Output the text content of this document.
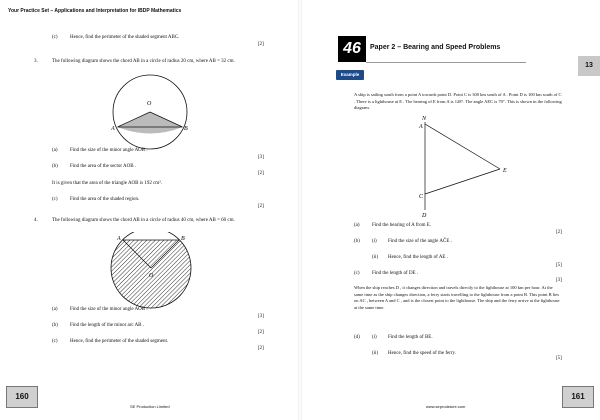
Your Practice Set – Applications and Interpretation for IBDP Mathematics
(c) Hence, find the perimeter of the shaded segment ABC.
[2]
3.	The following diagram shows the chord AB in a circle of radius 20 cm, where AB = 32 cm.
O
A	B
(a) Find the size of the minor angle AOB .
[3]
(b) Find the area of the sector AOB .
[2]
It is given that the area of the triangle AOB is 192 cm².
(c) Find the area of the shaded region.
[2]
4.	The following diagram shows the chord AB in a circle of radius 40 cm, where AB = 60 cm.
O
A	B
(a) Find the size of the minor angle AOB .
[3]
(b) Find the length of the minor arc AB .
[2]
(c) Hence, find the perimeter of the shaded segment.
[2]
160
SE Production Limited
46	Paper 2 – Bearing and Speed Problems
Example
13
A ship is sailing south from a point A towards point D. Point C is 300 km south of A . Point D is 100 km south of C . There is a lighthouse at E . The bearing of E from A is 128°. The angle AEC is 70°. This is shown in the following diagram.
N
A
E
C
D
(a) Find the bearing of A from E.
[2]
(b) (i) Find the size of the angle AĈE .
(ii) Hence, find the length of AE .
[5]
(c) Find the length of DE .
[3]
When the ship reaches D , it changes direction and travels directly to the lighthouse at 100 km per hour. At the same time as the ship changes direction, a ferry starts travelling to the lighthouse from a point B. This point B lies on AC , between A and C , and is the closest point to the lighthouse. The ship and the ferry arrive at the lighthouse at the same time.
(d) (i) Find the length of BE.
(ii) Hence, find the speed of the ferry.
[5]
161
www.seprodstore.com
